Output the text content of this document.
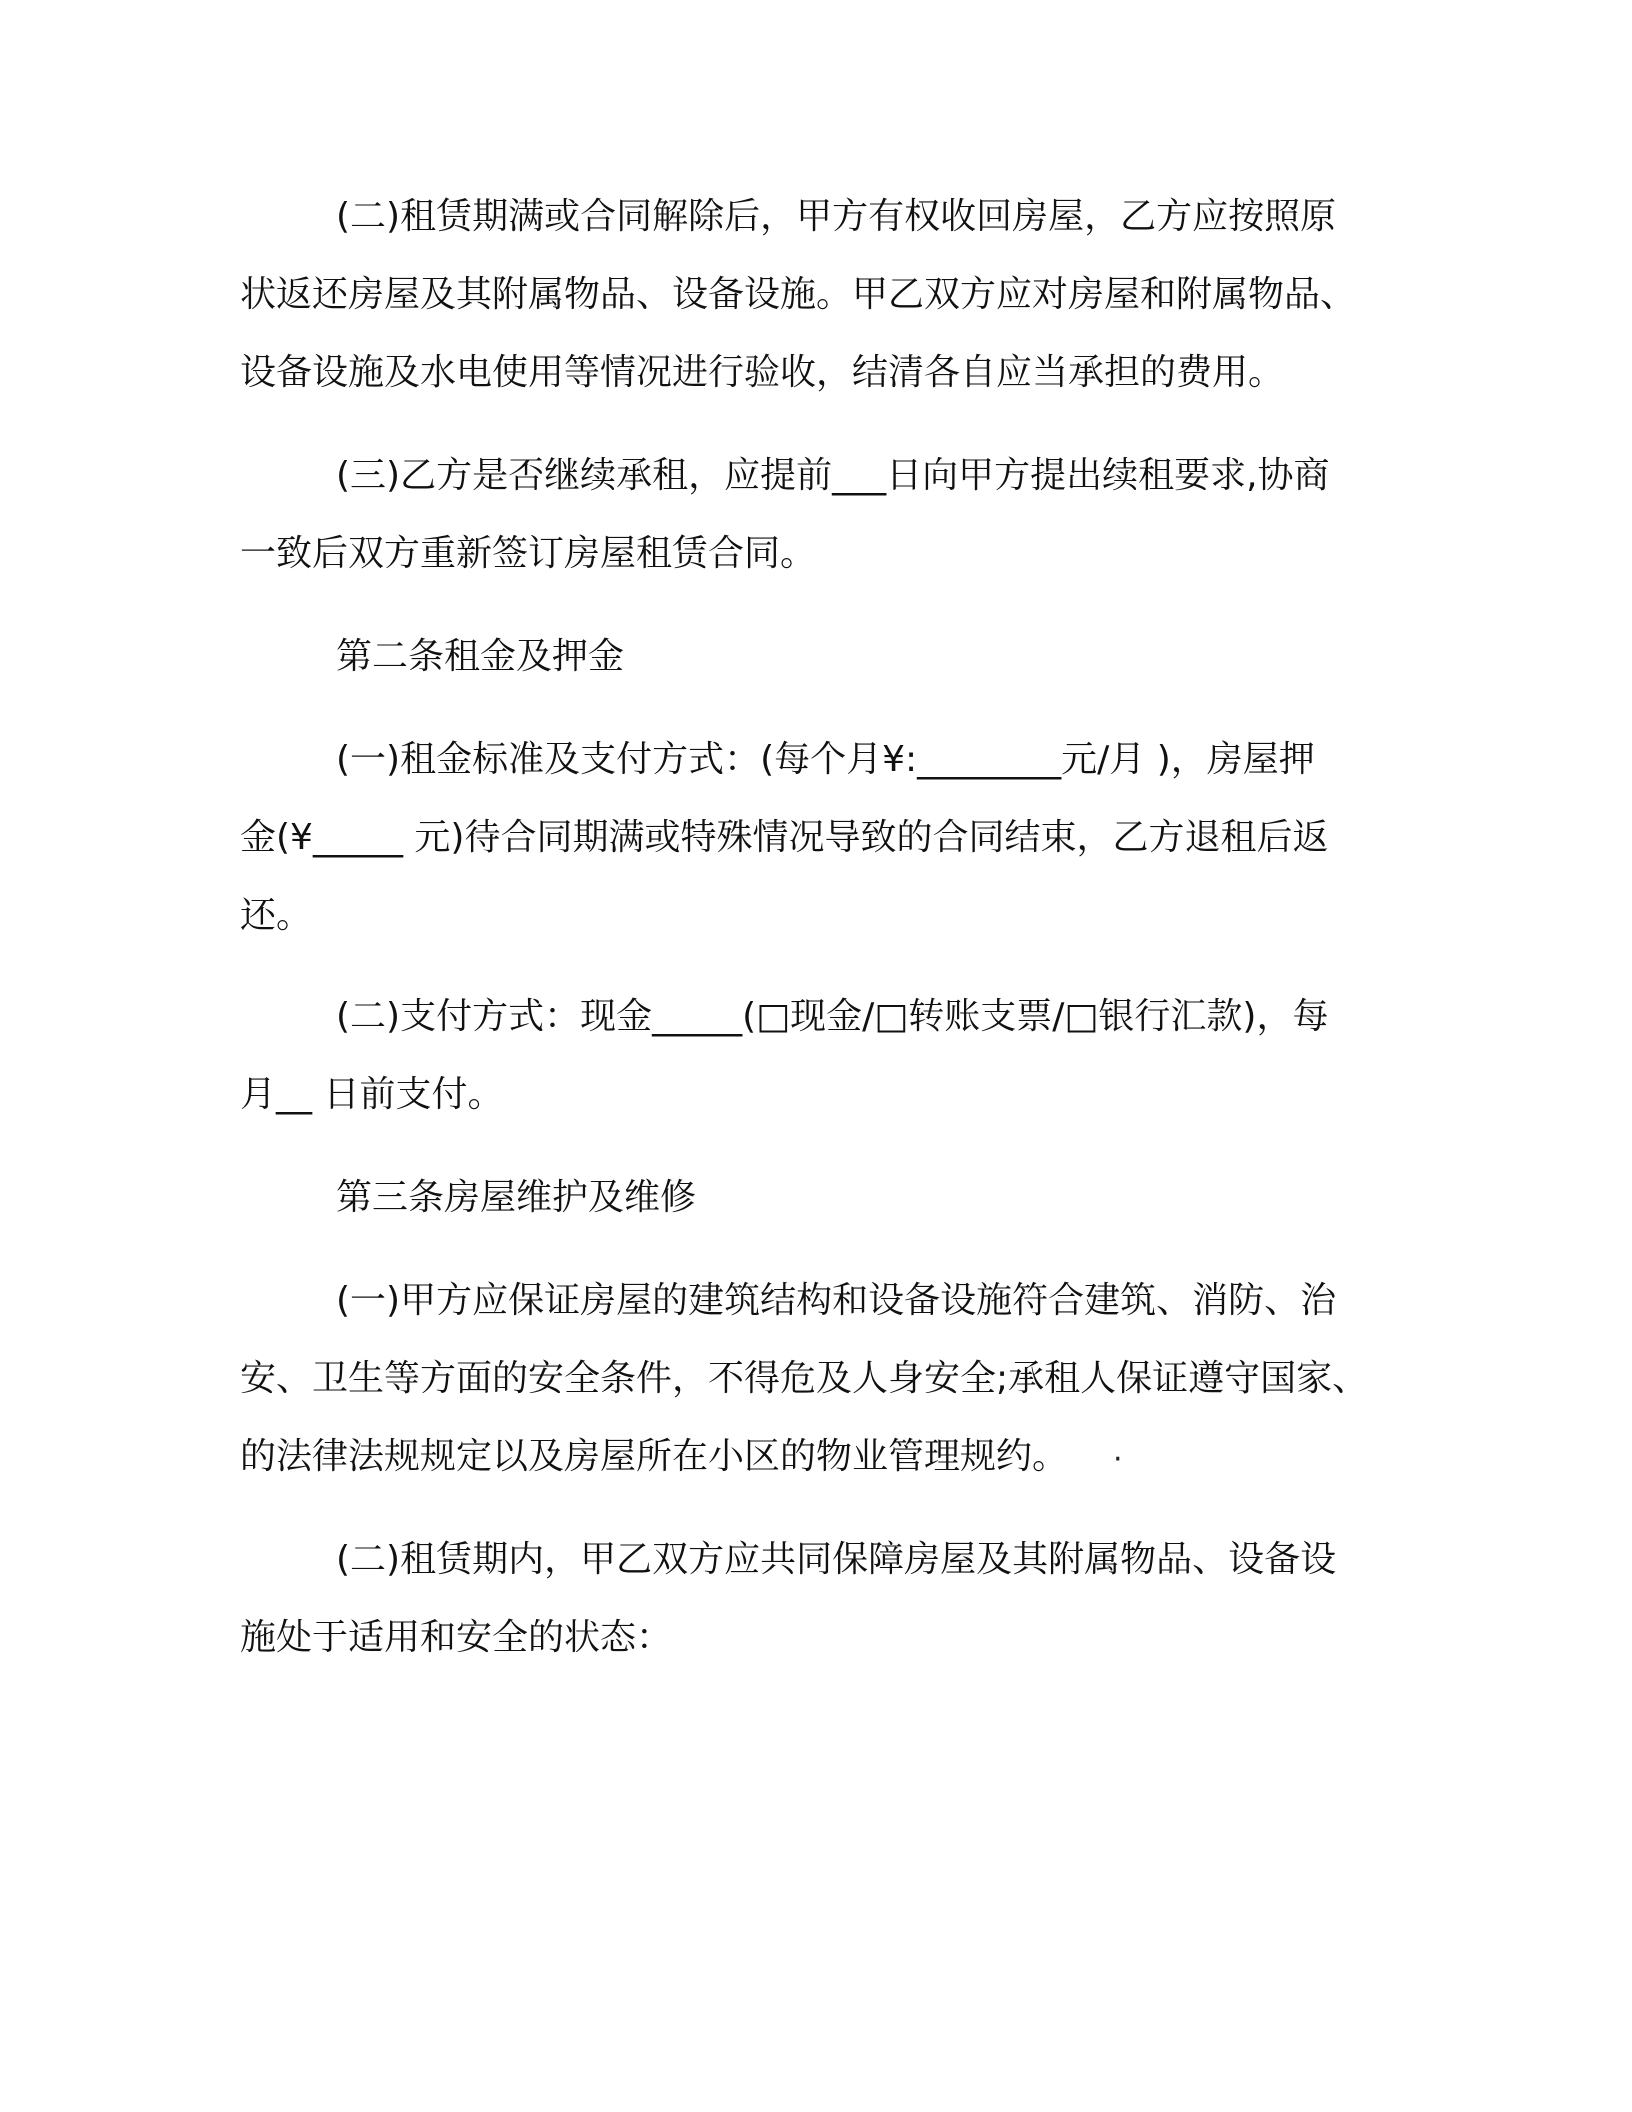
(二)租赁期满或合同解除后，甲方有权收回房屋，乙方应按照原
状返还房屋及其附属物品、设备设施。甲乙双方应对房屋和附属物品、
设备设施及水电使用等情况进行验收，结清各自应当承担的费用。
(三)乙方是否继续承租，应提前___日向甲方提出续租要求,协商
一致后双方重新签订房屋租赁合同。
第二条租金及押金
(一)租金标准及支付方式：(每个月¥:________元/月 )，房屋押
金(¥_____ 元)待合同期满或特殊情况导致的合同结束，乙方退租后返
还。
(二)支付方式：现金_____(□现金/□转账支票/□银行汇款)，每
月__ 日前支付。
第三条房屋维护及维修
(一)甲方应保证房屋的建筑结构和设备设施符合建筑、消防、治
安、卫生等方面的安全条件，不得危及人身安全;承租人保证遵守国家、
的法律法规规定以及房屋所在小区的物业管理规约。	·
(二)租赁期内，甲乙双方应共同保障房屋及其附属物品、设备设
施处于适用和安全的状态：
